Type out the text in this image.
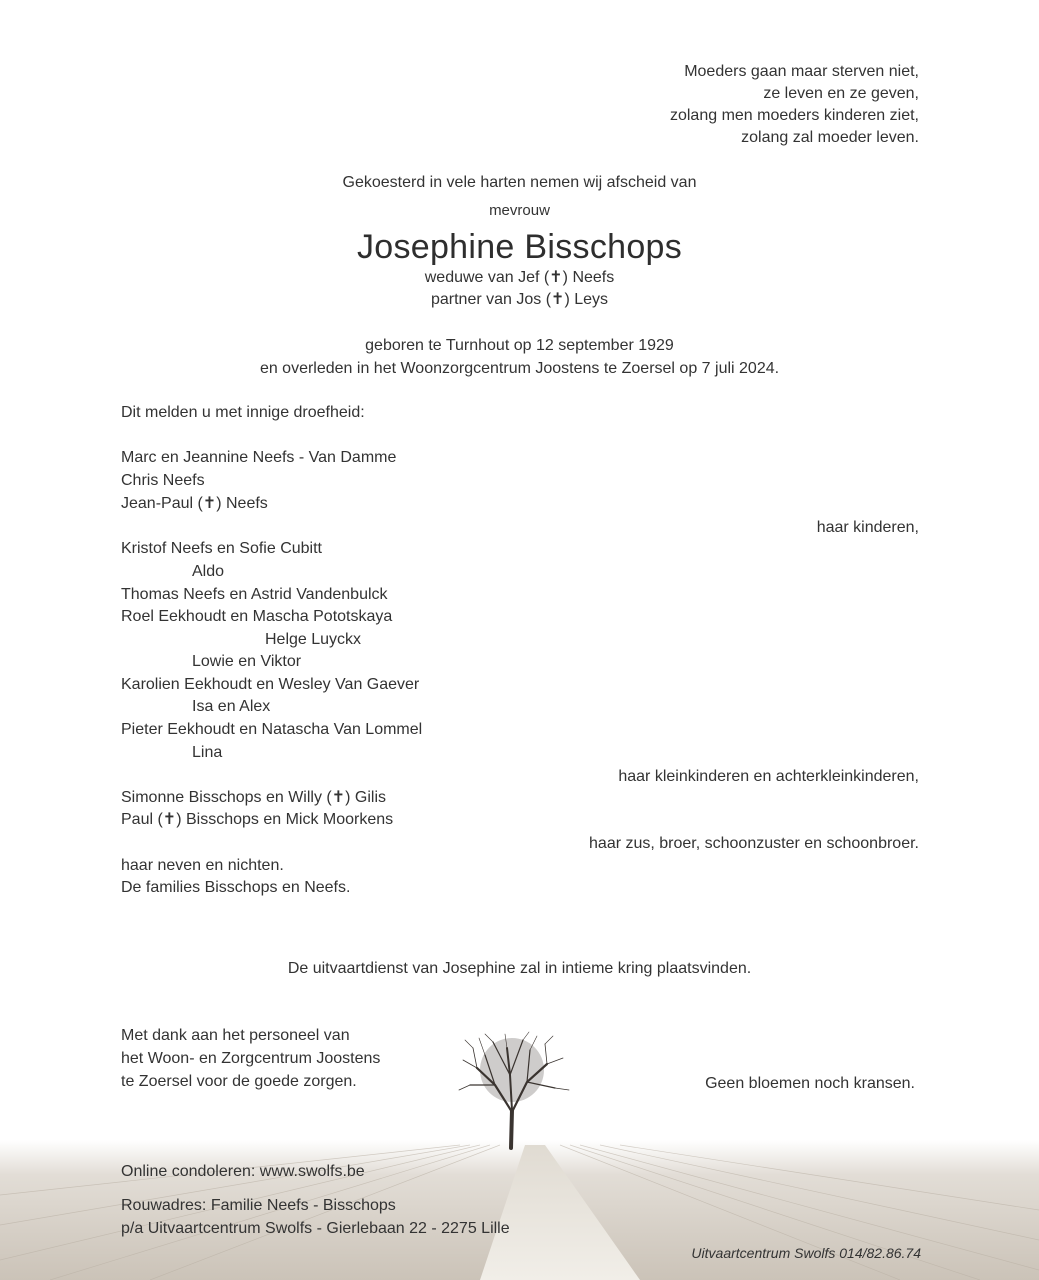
Moeders gaan maar sterven niet,
ze leven en ze geven,
zolang men moeders kinderen ziet,
zolang zal moeder leven.
Gekoesterd in vele harten nemen wij afscheid van
mevrouw
Josephine Bisschops
weduwe van Jef (✝) Neefs
partner van Jos (✝) Leys
geboren te Turnhout op 12 september 1929
en overleden in het Woonzorgcentrum Joostens te Zoersel op 7 juli 2024.
Dit melden u met innige droefheid:
Marc en Jeannine Neefs - Van Damme
Chris Neefs
Jean-Paul (✝) Neefs
haar kinderen,
Kristof Neefs en Sofie Cubitt
Aldo
Thomas Neefs en Astrid Vandenbulck
Roel Eekhoudt en Mascha Pototskaya
Helge Luyckx
Lowie en Viktor
Karolien Eekhoudt en Wesley Van Gaever
Isa en Alex
Pieter Eekhoudt en Natascha Van Lommel
Lina
haar kleinkinderen en achterkleinkinderen,
Simonne Bisschops en Willy (✝) Gilis
Paul (✝) Bisschops en Mick Moorkens
haar zus, broer, schoonzuster en schoonbroer.
haar neven en nichten.
De families Bisschops en Neefs.
De uitvaartdienst van Josephine zal in intieme kring plaatsvinden.
Met dank aan het personeel van
het Woon- en Zorgcentrum Joostens
te Zoersel voor de goede zorgen.	Geen bloemen noch kransen.
Online condoleren: www.swolfs.be
Rouwadres: Familie Neefs - Bisschops
p/a Uitvaartcentrum Swolfs - Gierlebaan 22 - 2275 Lille
Uitvaartcentrum Swolfs 014/82.86.74
